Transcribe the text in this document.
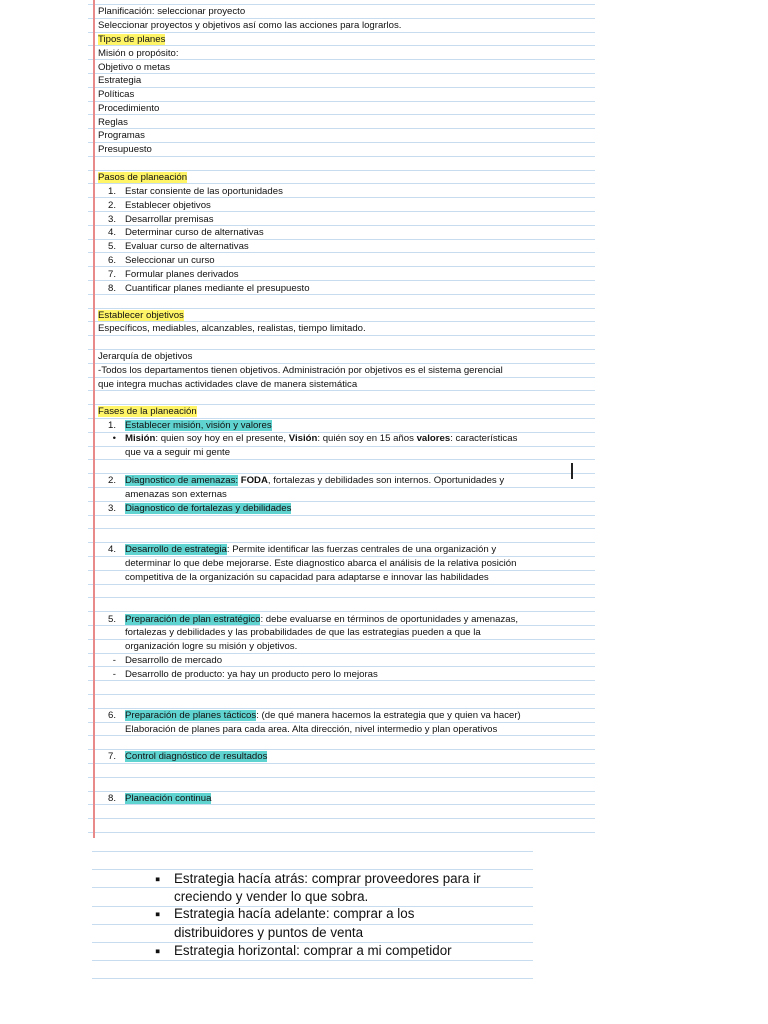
Planificación: seleccionar proyecto
Seleccionar proyectos y objetivos así como las acciones para lograrlos.
Tipos de planes
Misión o propósito:
Objetivo o metas
Estrategia
Políticas
Procedimiento
Reglas
Programas
Presupuesto
Pasos de planeación
1. Estar consiente de las oportunidades
2. Establecer objetivos
3. Desarrollar premisas
4. Determinar curso de alternativas
5. Evaluar curso de alternativas
6. Seleccionar un curso
7. Formular planes derivados
8. Cuantificar planes mediante el presupuesto
Establecer objetivos
Específicos, mediables, alcanzables, realistas, tiempo limitado.
Jerarquía de objetivos
-Todos los departamentos tienen objetivos. Administración por objetivos es el sistema gerencial
que integra muchas actividades clave de manera sistemática
Fases de la planeación
1. Establecer misión, visión y valores
• Misión: quien soy hoy en el presente, Visión: quién soy en 15 años valores: características
que va a seguir mi gente
2. Diagnostico de amenazas: FODA, fortalezas y debilidades son internos. Oportunidades y
amenazas son externas
3. Diagnostico de fortalezas y debilidades
4. Desarrollo de estrategia: Permite identificar las fuerzas centrales de una organización y
determinar lo que debe mejorarse. Este diagnostico abarca el análisis de la relativa posición
competitiva de la organización su capacidad para adaptarse e innovar las habilidades
5. Preparación de plan estratégico: debe evaluarse en términos de oportunidades y amenazas,
fortalezas y debilidades y las probabilidades de que las estrategias pueden a que la
organización logre su misión y objetivos.
- Desarrollo de mercado
- Desarrollo de producto: ya hay un producto pero lo mejoras
6. Preparación de planes tácticos: (de qué manera hacemos la estrategia que y quien va hacer)
Elaboración de planes para cada area. Alta dirección, nivel intermedio y plan operativos
7. Control diagnóstico de resultados
8. Planeación continua
▪ Estrategia hacía atrás: comprar proveedores para ir
creciendo y vender lo que sobra.
▪ Estrategia hacía adelante: comprar a los
distribuidores y puntos de venta
▪ Estrategia horizontal: comprar a mi competidor
